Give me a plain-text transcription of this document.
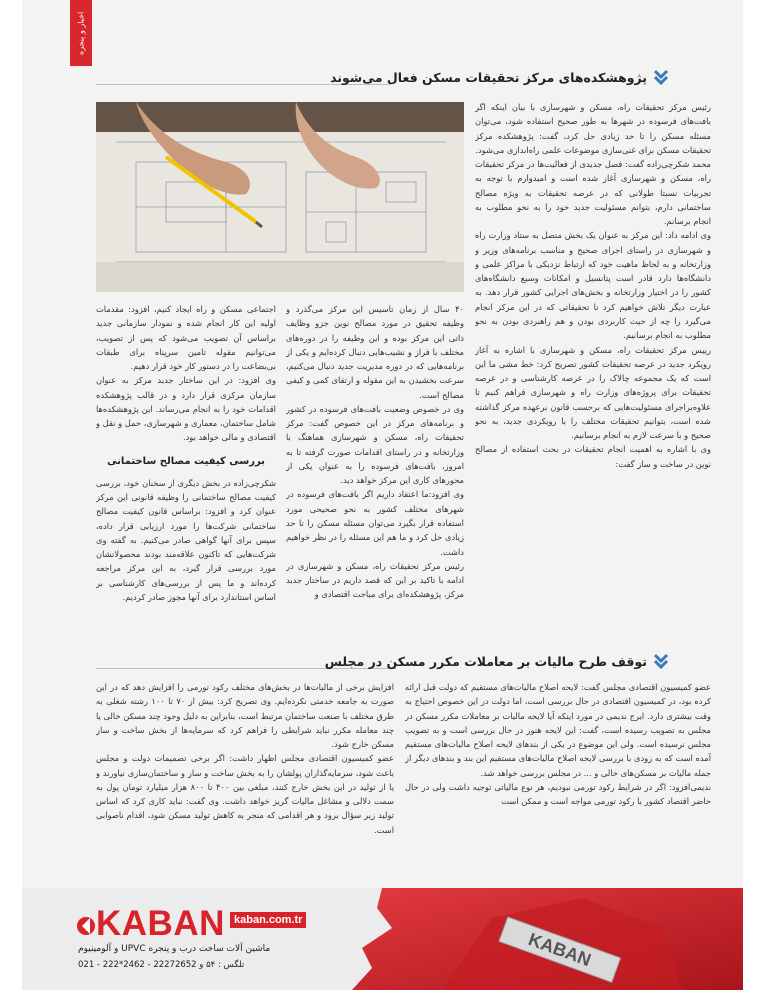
اخبار و پنجره
پژوهشکده‌های مرکز تحقیقات مسکن فعال می‌شوند

رئیس مرکز تحقیقات راه، مسکن و شهرسازی با بیان اینکه اگر بافت‌های فرسوده در شهرها به طور صحیح استفاده شود، می‌توان مسئله مسکن را تا حد زیادی حل کرد، گفت: پژوهشکده مرکز تحقیقات مسکن برای غنی‌سازی موضوعات علمی راه‌اندازی می‌شود.

محمد شکرچی‌زاده گفت: فصل جدیدی از فعالیت‌ها در مرکز تحقیقات راه، مسکن و شهرسازی آغاز شده است و امیدوارم با توجه به تجربیات نسبتا طولانی که در عرصه تحقیقات به ویژه مصالح ساختمانی دارم، بتوانم مسئولیت جدید خود را به نحو مطلوب به انجام برسانم.

وی ادامه داد: این مرکز به عنوان یک بخش متصل به ستاد وزارت راه و شهرسازی در راستای اجرای صحیح و مناسب برنامه‌های وزیر و وزارتخانه و به لحاظ ماهیت خود که ارتباط نزدیکی با مراکز علمی و دانشگاه‌ها دارد قادر است پتانسیل و امکانات وسیع دانشگاه‌های کشور را در اختیار وزارتخانه و بخش‌های اجرایی کشور قرار دهد. به عبارت دیگر تلاش خواهیم کرد تا تحقیقاتی که در این مرکز انجام می‌گیرد را چه از حیث کاربردی بودن و هم راهبردی بودن به نحو مطلوب به انجام برسانیم.

رییس مرکز تحقیقات راه، مسکن و شهرسازی با اشاره به آغاز رویکرد جدید در عرصه تحقیقات کشور تصریح کرد: خط مشی ما این است که یک مجموعه چالاک را در عرصه کارشناسی و در عرصه تحقیقات برای پروژه‌های وزارت راه و شهرسازی فراهم کنیم تا علاوه‌براجرای مسئولیت‌هایی که برحسب قانون برعهده مرکز گذاشته شده است، بتوانیم تحقیقات مختلف را با رویکردی جدید، به نحو صحیح و با سرعت لازم به انجام برسانیم.

وی با اشاره به اهمیت انجام تحقیقات در بحث استفاده از مصالح نوین در ساخت و ساز گفت:

۴۰ سال از زمان تاسیس این مرکز می‌گذرد و وظیفه تحقیق در مورد مصالح نوین جزو وظایف ذاتی این مرکز بوده و این وظیفه را در دوره‌های مختلف با فراز و نشیب‌هایی دنبال کرده‌ایم و یکی از برنامه‌هایی که در دوره مدیریت جدید دنبال می‌کنیم، سرعت بخشیدن به این مقوله و ارتقای کمی و کیفی مصالح است.

وی در خصوص وضعیت بافت‌های فرسوده در کشور و برنامه‌های مرکز در این خصوص گفت: مرکز تحقیقات راه، مسکن و شهرسازی هماهنگ با وزارتخانه و در راستای اقدامات صورت گرفته تا به امروز، بافت‌های فرسوده را به عنوان یکی از محورهای کاری این مرکز خواهد دید.

وی افزود:ما اعتقاد داریم اگر بافت‌های فرسوده در شهرهای مختلف کشور به نحو صحیحی مورد استفاده قرار بگیرد می‌توان مسئله مسکن را تا حد زیادی حل کرد و ما هم این مسئله را در نظر خواهیم داشت.

رئیس مرکز تحقیقات راه، مسکن و شهرسازی در ادامه با تاکید بر این که قصد داریم در ساختار جدید مرکز، پژوهشکده‌ای برای مباحث اقتصادی و

اجتماعی مسکن و راه ایجاد کنیم، افزود: مقدمات اولیه این کار انجام شده و نمودار سازمانی جدید براساس آن تصویب می‌شود که پس از تصویب، می‌توانیم مقوله تامین سرپناه برای طبقات بی‌بضاعت را در دستور کار خود قرار دهیم.

وی افزود: در این ساختار جدید مرکز به عنوان سازمان مرکزی قرار دارد و در قالب پژوهشکده اقدامات خود را به انجام می‌رساند. این پژوهشکده‌ها شامل ساختمان، معماری و شهرسازی، حمل و نقل و اقتصادی و مالی خواهد بود.

بررسی کیفیت مصالح ساختمانی

شکرچی‌زاده در بخش دیگری از سخنان خود، بررسی کیفیت مصالح ساختمانی را وظیفه قانونی این مرکز عنوان کرد و افزود: براساس قانون کیفیت مصالح ساختمانی شرکت‌ها را مورد ارزیابی قرار داده، سپس برای آنها گواهی صادر می‌کنیم. به گفته وی شرکت‌هایی که تاکنون علاقه‌مند بودند محصولاتشان مورد بررسی قرار گیرد، به این مرکز مراجعه کرده‌اند و ما پس از بررسی‌های کارشناسی بر اساس استاندارد برای آنها مجوز صادر کردیم.

توقف طرح مالیات بر معاملات مکرر مسکن در مجلس

عضو کمیسیون اقتصادی مجلس گفت: لایحه اصلاح مالیات‌های مستقیم که دولت قبل ارائه کرده بود، در کمیسیون اقتصادی در حال بررسی است، اما دولت در این خصوص احتیاج به وقت بیشتری دارد. ایرج ندیمی در مورد اینکه آیا لایحه مالیات بر معاملات مکرر مسکن در مجلس به تصویب رسیده است، گفت: این لایحه هنوز در حال بررسی است و به تصویب مجلس نرسیده است. ولی این موضوع در یکی از بندهای لایحه اصلاح مالیات‌های مستقیم آمده است که به زودی با بررسی لایحه اصلاح مالیات‌های مستقیم این بند و بندهای دیگر از جمله مالیات بر مسکن‌های خالی و ... در مجلس بررسی خواهد شد.

ندیمی‌افزود: اگر در شرایط رکود تورمی نبودیم، هر نوع مالیاتی توجیه داشت ولی در حال حاضر اقتصاد کشور با رکود تورمی مواجه است و ممکن است

افزایش برخی از مالیات‌ها در بخش‌های مختلف رکود تورمی را افزایش دهد که در این صورت به جامعه خدمتی نکرده‌ایم. وی تصریح کرد: بیش از ۷۰ تا ۱۰۰ رشته شغلی به طرق مختلف با صنعت ساختمان مرتبط است، بنابراین به دلیل وجود چند مسکن خالی یا چند معامله مکرر نباید شرایطی را فراهم کرد که سرمایه‌ها از بخش ساخت و ساز مسکن خارج شود.

عضو کمیسیون اقتصادی مجلس اظهار داشت: اگر برخی تصمیمات دولت و مجلس باعث شود، سرمایه‌گذاران پولشان را به بخش ساخت و ساز و ساختمان‌سازی نیاورند و یا از تولید در این بخش خارج کنند، مبلغی بین ۴۰۰ تا ۸۰۰ هزار میلیارد تومان پول به سمت دلالی و مشاغل مالیات گریز خواهد داشت. وی گفت: نباید کاری کرد که اساس تولید زیر سؤال برود و هر اقدامی که منجر به کاهش تولید مسکن شود، اقدام ناصوابی است.

KABAN
KABAN kaban.com.tr
ماشین آلات ساخت درب و پنجره UPVC و آلومینیوم
تلگس : ۵۴ و 22272652 - 2462*222 - 021
